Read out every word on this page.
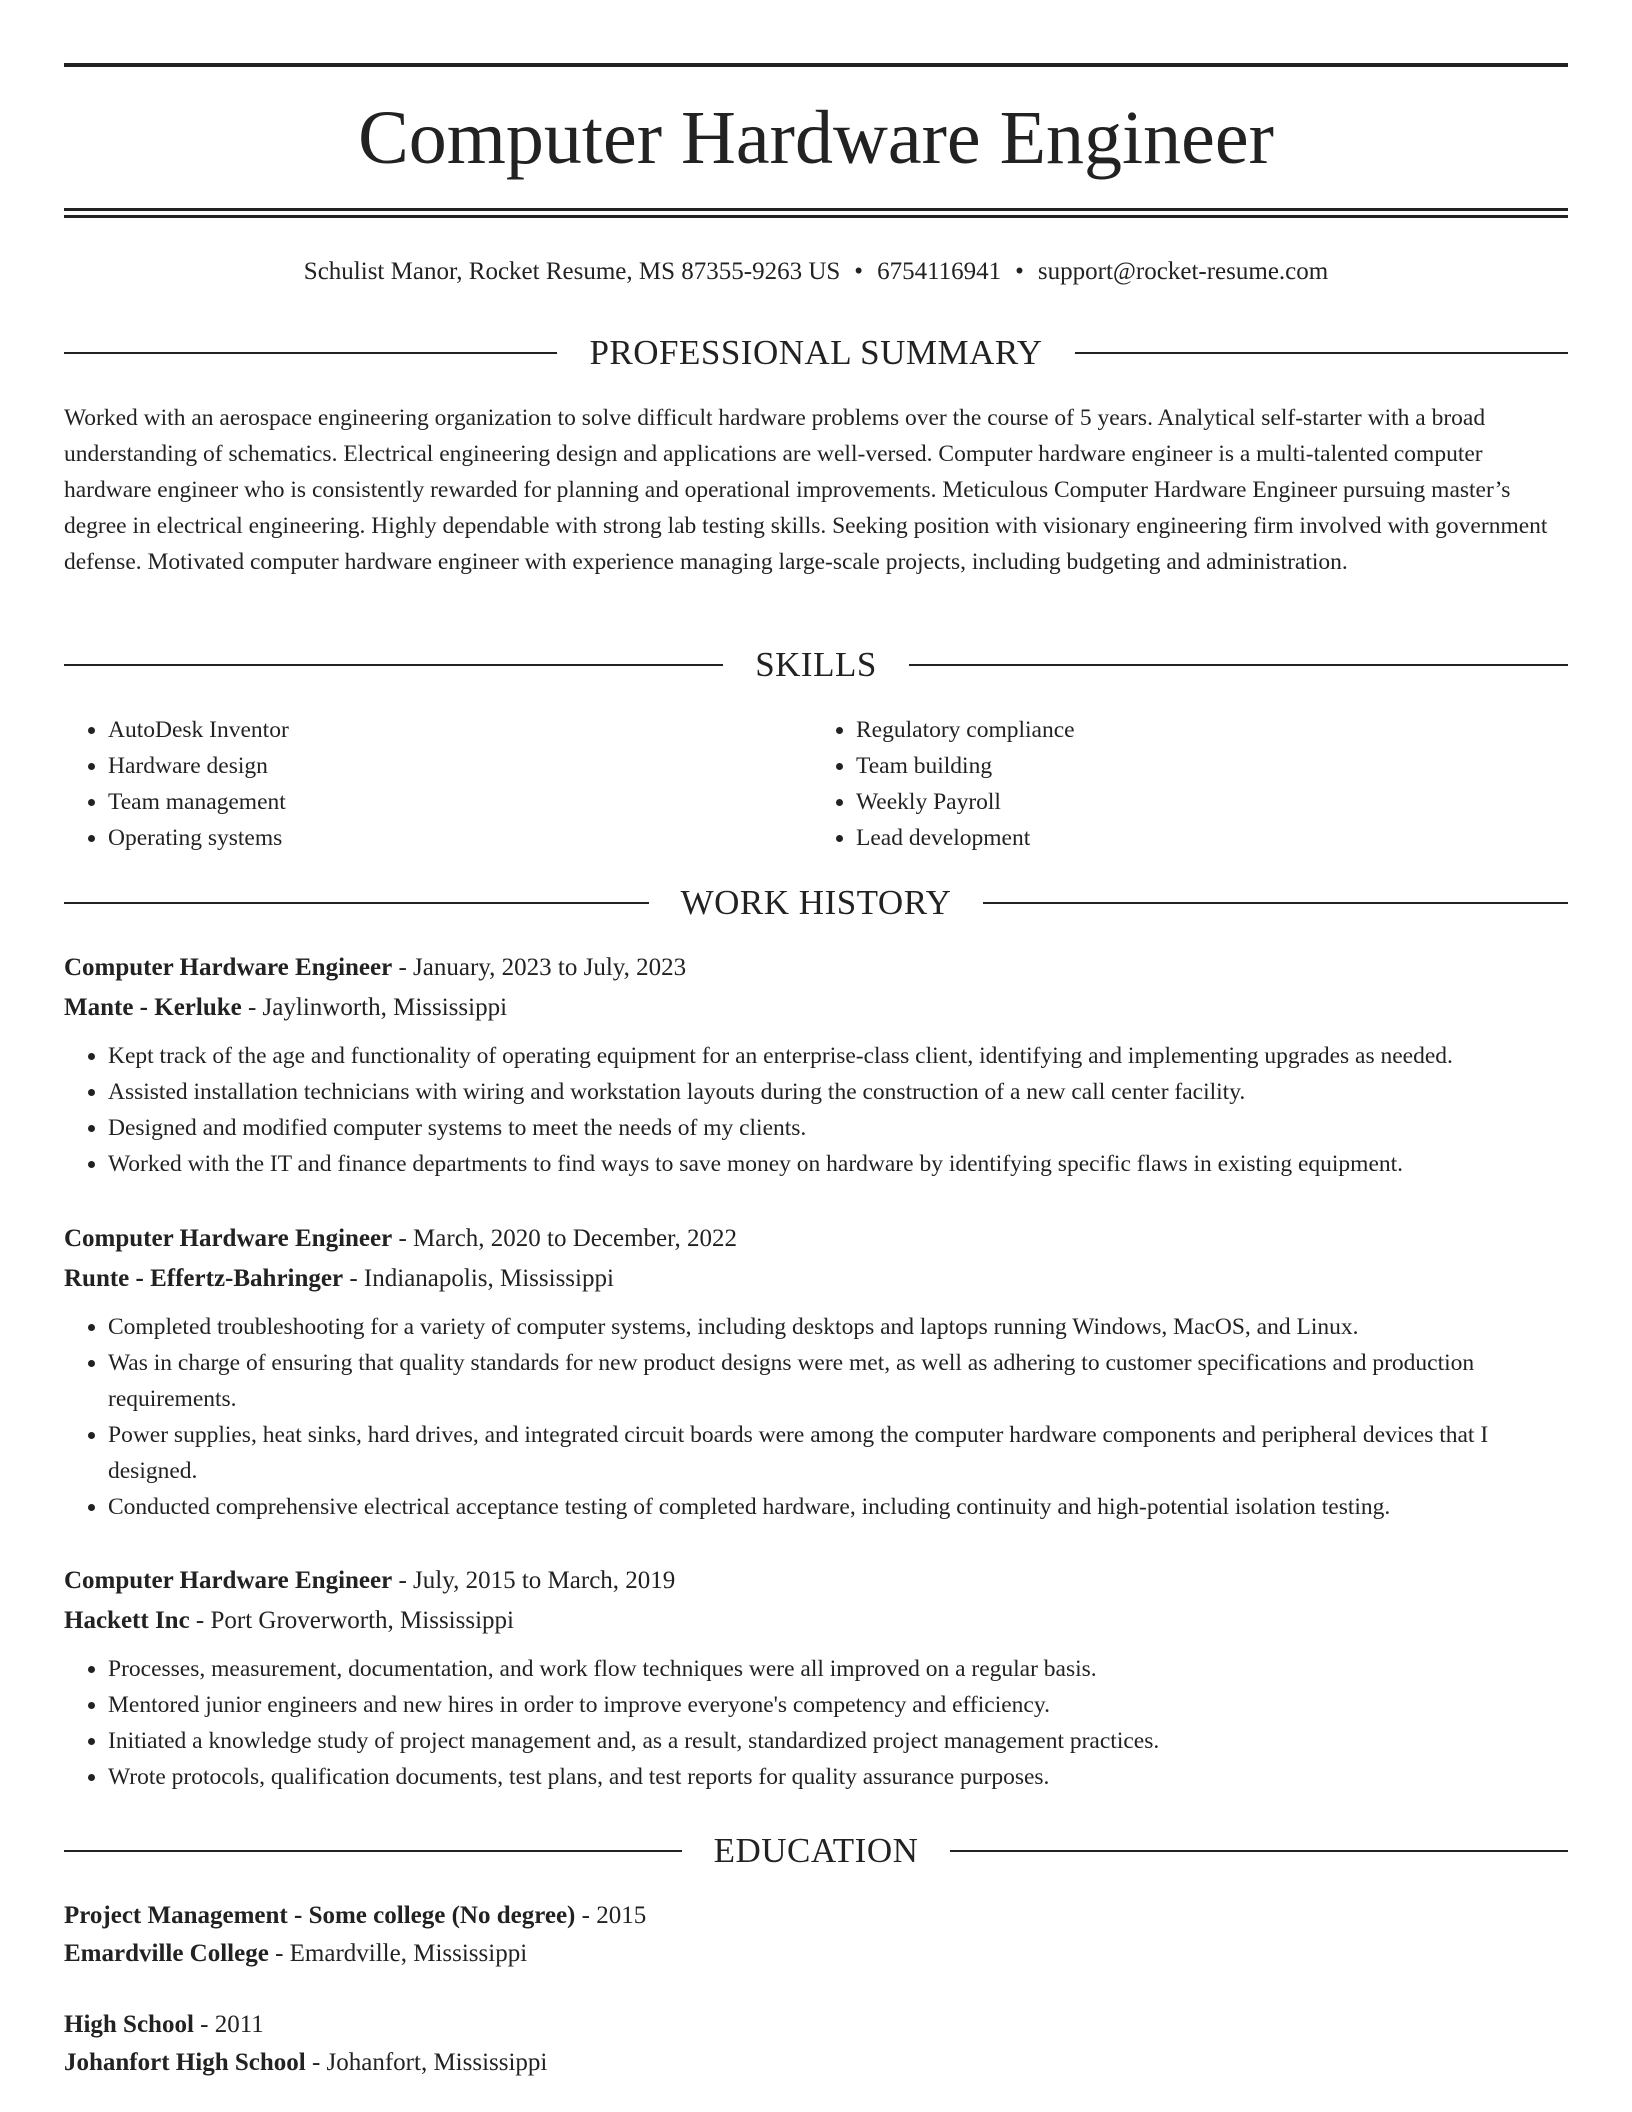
Computer Hardware Engineer
Schulist Manor, Rocket Resume, MS 87355-9263 US • 6754116941 • support@rocket-resume.com
PROFESSIONAL SUMMARY
Worked with an aerospace engineering organization to solve difficult hardware problems over the course of 5 years. Analytical self-starter with a broad understanding of schematics. Electrical engineering design and applications are well-versed. Computer hardware engineer is a multi-talented computer hardware engineer who is consistently rewarded for planning and operational improvements. Meticulous Computer Hardware Engineer pursuing master’s degree in electrical engineering. Highly dependable with strong lab testing skills. Seeking position with visionary engineering firm involved with government defense. Motivated computer hardware engineer with experience managing large-scale projects, including budgeting and administration.
SKILLS
• AutoDesk Inventor
• Hardware design
• Team management
• Operating systems
• Regulatory compliance
• Team building
• Weekly Payroll
• Lead development
WORK HISTORY
Computer Hardware Engineer - January, 2023 to July, 2023
Mante - Kerluke - Jaylinworth, Mississippi
• Kept track of the age and functionality of operating equipment for an enterprise-class client, identifying and implementing upgrades as needed.
• Assisted installation technicians with wiring and workstation layouts during the construction of a new call center facility.
• Designed and modified computer systems to meet the needs of my clients.
• Worked with the IT and finance departments to find ways to save money on hardware by identifying specific flaws in existing equipment.
Computer Hardware Engineer - March, 2020 to December, 2022
Runte - Effertz-Bahringer - Indianapolis, Mississippi
• Completed troubleshooting for a variety of computer systems, including desktops and laptops running Windows, MacOS, and Linux.
• Was in charge of ensuring that quality standards for new product designs were met, as well as adhering to customer specifications and production requirements.
• Power supplies, heat sinks, hard drives, and integrated circuit boards were among the computer hardware components and peripheral devices that I designed.
• Conducted comprehensive electrical acceptance testing of completed hardware, including continuity and high-potential isolation testing.
Computer Hardware Engineer - July, 2015 to March, 2019
Hackett Inc - Port Groverworth, Mississippi
• Processes, measurement, documentation, and work flow techniques were all improved on a regular basis.
• Mentored junior engineers and new hires in order to improve everyone's competency and efficiency.
• Initiated a knowledge study of project management and, as a result, standardized project management practices.
• Wrote protocols, qualification documents, test plans, and test reports for quality assurance purposes.
EDUCATION
Project Management - Some college (No degree) - 2015
Emardville College - Emardville, Mississippi
High School - 2011
Johanfort High School - Johanfort, Mississippi
